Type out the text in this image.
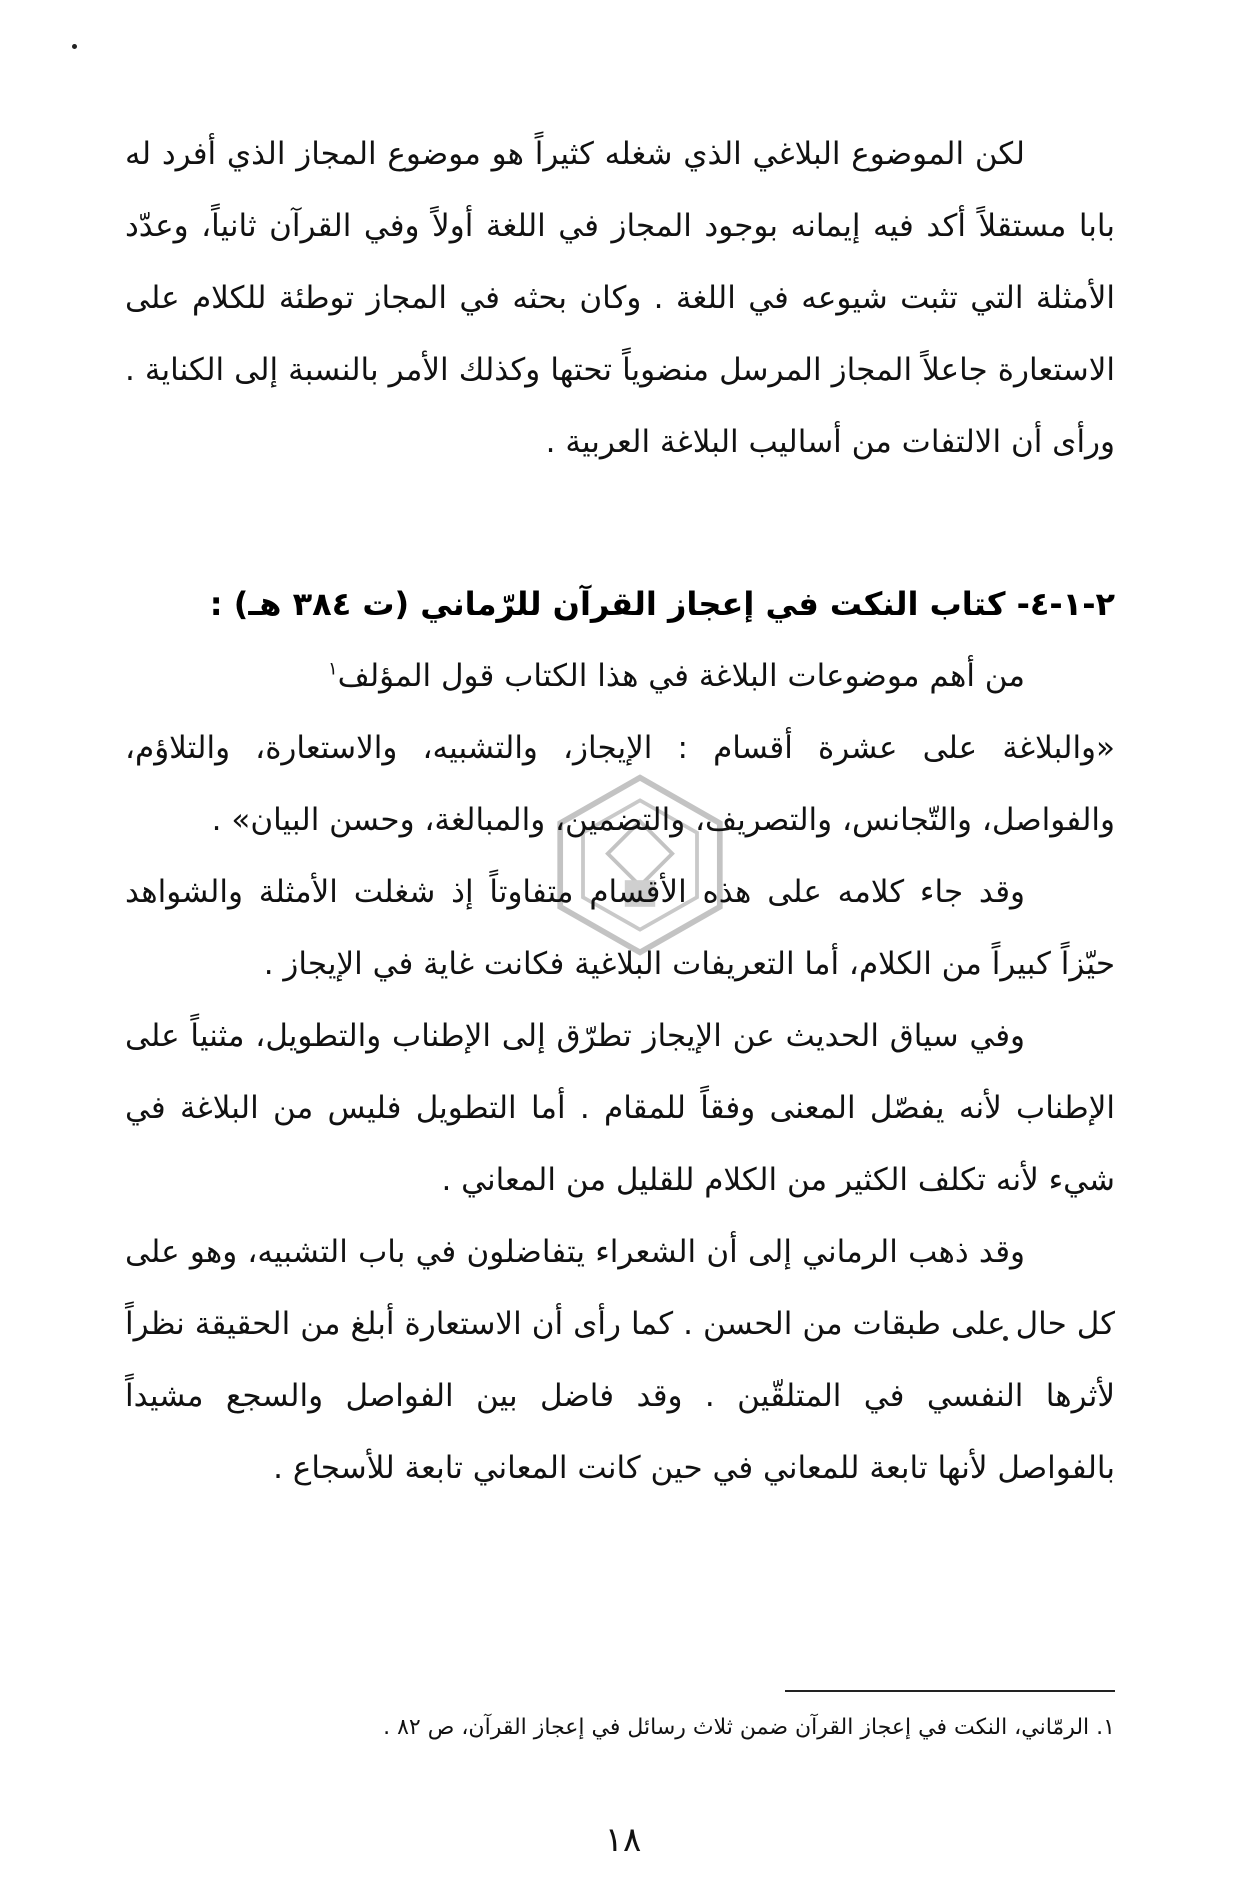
لكن الموضوع البلاغي الذي شغله كثيراً هو موضوع المجاز الذي أفرد له بابا مستقلاً أكد فيه إيمانه بوجود المجاز في اللغة أولاً وفي القرآن ثانياً، وعدّد الأمثلة التي تثبت شيوعه في اللغة . وكان بحثه في المجاز توطئة للكلام على الاستعارة جاعلاً المجاز المرسل منضوياً تحتها وكذلك الأمر بالنسبة إلى الكناية . ورأى أن الالتفات من أساليب البلاغة العربية .

٢-١-٤- كتاب النكت في إعجاز القرآن للرّماني (ت ٣٨٤ هـ) :

من أهم موضوعات البلاغة في هذا الكتاب قول المؤلف$^١$

«والبلاغة على عشرة أقسام : الإيجاز، والتشبيه، والاستعارة، والتلاؤم، والفواصل، والتّجانس، والتصريف، والتضمين، والمبالغة، وحسن البيان» .

وقد جاء كلامه على هذه الأقسام متفاوتاً إذ شغلت الأمثلة والشواهد حيّزاً كبيراً من الكلام، أما التعريفات البلاغية فكانت غاية في الإيجاز .

وفي سياق الحديث عن الإيجاز تطرّق إلى الإطناب والتطويل، مثنياً على الإطناب لأنه يفصّل المعنى وفقاً للمقام . أما التطويل فليس من البلاغة في شيء لأنه تكلف الكثير من الكلام للقليل من المعاني .

وقد ذهب الرماني إلى أن الشعراء يتفاضلون في باب التشبيه، وهو على كل حال على طبقات من الحسن . كما رأى أن الاستعارة أبلغ من الحقيقة نظراً لأثرها النفسي في المتلقّين . وقد فاضل بين الفواصل والسجع مشيداً بالفواصل لأنها تابعة للمعاني في حين كانت المعاني تابعة للأسجاع .

١. الرمّاني، النكت في إعجاز القرآن ضمن ثلاث رسائل في إعجاز القرآن، ص ٨٢ .
١٨
